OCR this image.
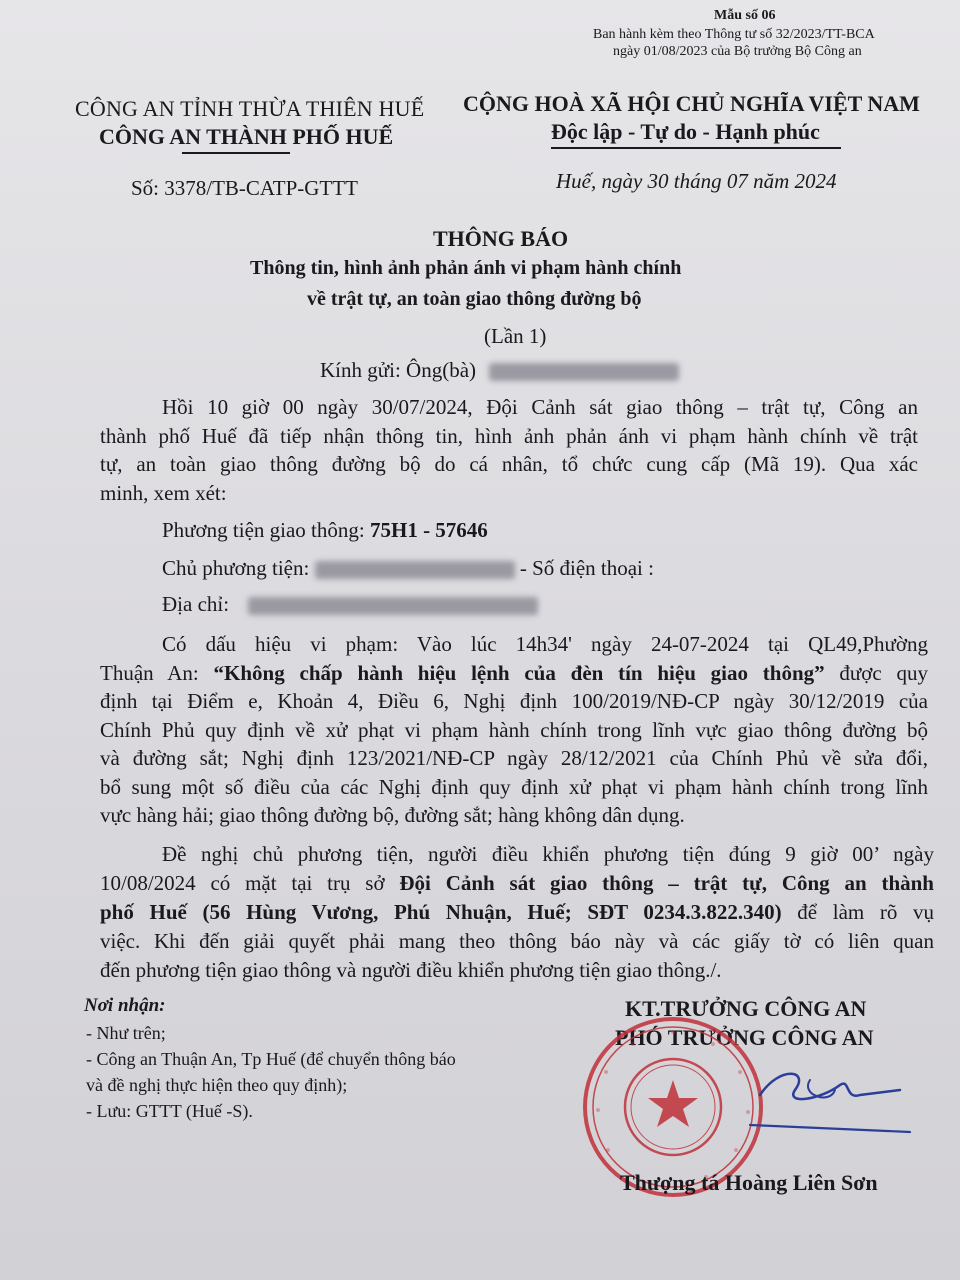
Mẫu số 06
Ban hành kèm theo Thông tư số 32/2023/TT-BCA
ngày 01/08/2023 của Bộ trưởng Bộ Công an
CÔNG AN TỈNH THỪA THIÊN HUẾ
CÔNG AN THÀNH PHỐ HUẾ
CỘNG HOÀ XÃ HỘI CHỦ NGHĨA VIỆT NAM
Độc lập - Tự do - Hạnh phúc
Số: 3378/TB-CATP-GTTT	Huế, ngày 30 tháng 07 năm 2024
THÔNG BÁO
Thông tin, hình ảnh phản ánh vi phạm hành chính
về trật tự, an toàn giao thông đường bộ
(Lần 1)
Kính gửi: Ông(bà)
Hồi 10 giờ 00 ngày 30/07/2024, Đội Cảnh sát giao thông – trật tự, Công an
thành phố Huế đã tiếp nhận thông tin, hình ảnh phản ánh vi phạm hành chính về trật
tự, an toàn giao thông đường bộ do cá nhân, tổ chức cung cấp (Mã 19). Qua xác
minh, xem xét:
Phương tiện giao thông: 75H1 - 57646
Chủ phương tiện:	- Số điện thoại :
Địa chỉ:
Có dấu hiệu vi phạm: Vào lúc 14h34' ngày 24-07-2024 tại QL49,Phường
Thuận An: “Không chấp hành hiệu lệnh của đèn tín hiệu giao thông” được quy
định tại Điểm e, Khoản 4, Điều 6, Nghị định 100/2019/NĐ-CP ngày 30/12/2019 của
Chính Phủ quy định về xử phạt vi phạm hành chính trong lĩnh vực giao thông đường bộ
và đường sắt; Nghị định 123/2021/NĐ-CP ngày 28/12/2021 của Chính Phủ về sửa đổi,
bổ sung một số điều của các Nghị định quy định xử phạt vi phạm hành chính trong lĩnh
vực hàng hải; giao thông đường bộ, đường sắt; hàng không dân dụng.
Đề nghị chủ phương tiện, người điều khiển phương tiện đúng 9 giờ 00’ ngày
10/08/2024 có mặt tại trụ sở Đội Cảnh sát giao thông – trật tự, Công an thành
phố Huế (56 Hùng Vương, Phú Nhuận, Huế; SĐT 0234.3.822.340) để làm rõ vụ
việc. Khi đến giải quyết phải mang theo thông báo này và các giấy tờ có liên quan
đến phương tiện giao thông và người điều khiển phương tiện giao thông./.
Nơi nhận:
- Như trên;
- Công an Thuận An, Tp Huế (để chuyển thông báo
và đề nghị thực hiện theo quy định);
- Lưu: GTTT (Huế -S).
KT.TRƯỞNG CÔNG AN
PHÓ TRƯỞNG CÔNG AN
Thượng tá Hoàng Liên Sơn
